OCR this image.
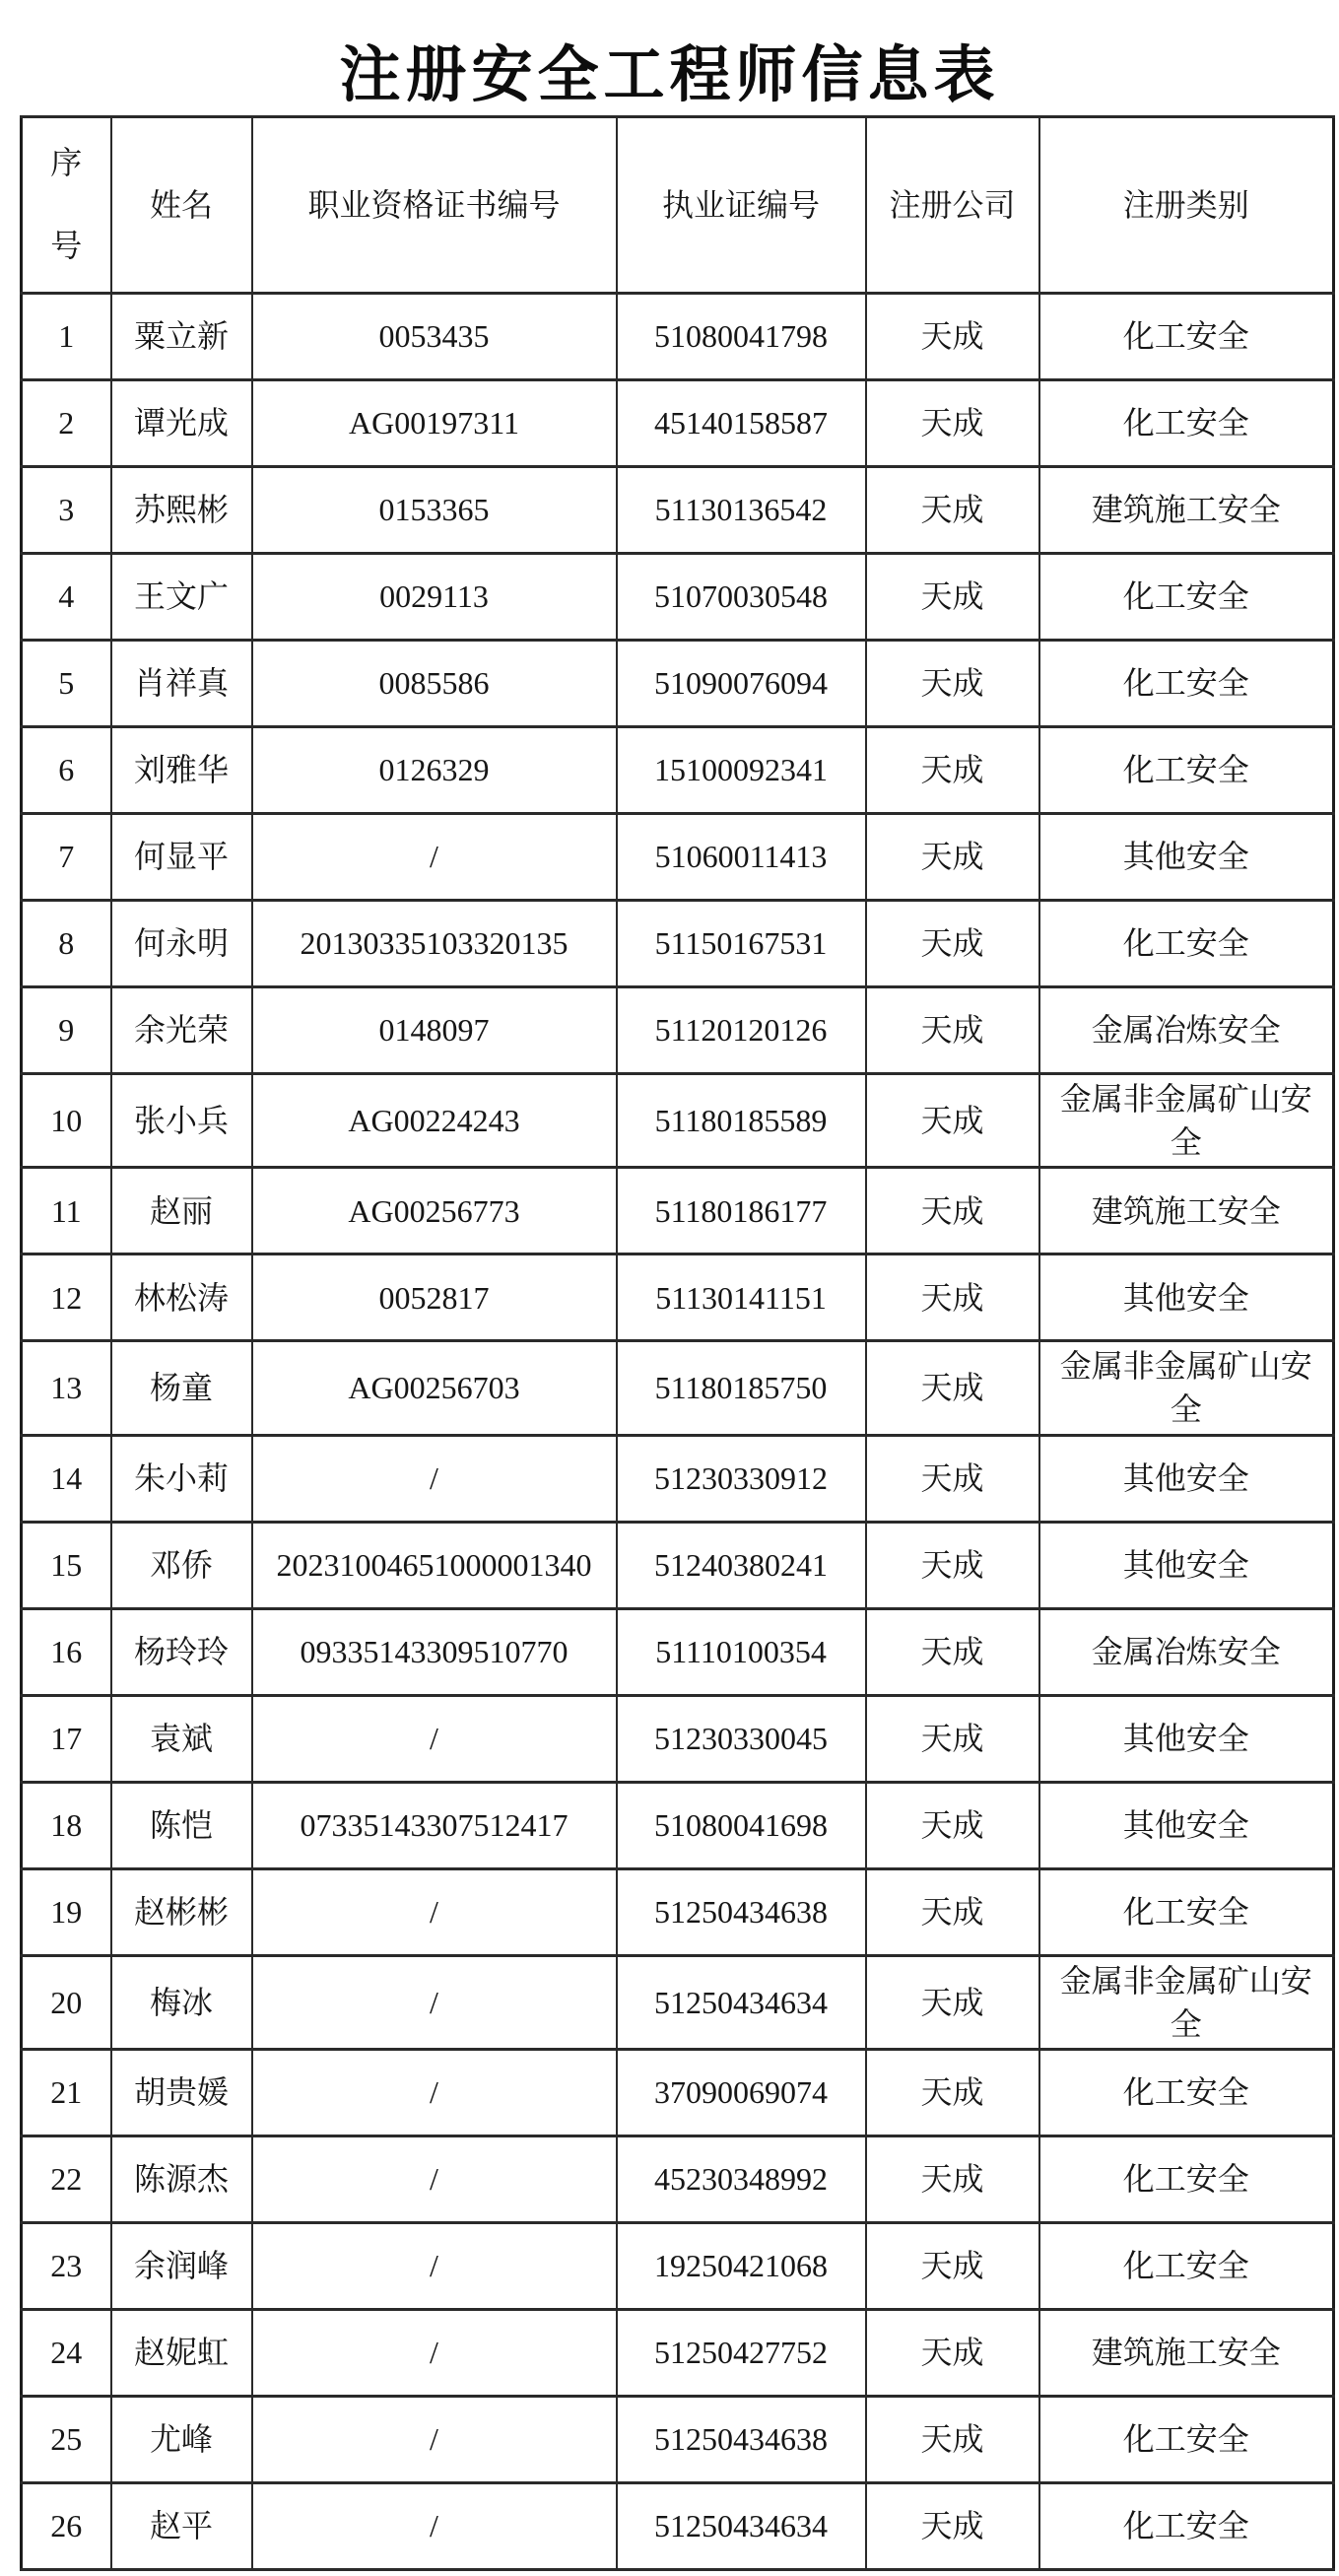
注册安全工程师信息表
序号	姓名	职业资格证书编号	执业证编号	注册公司	注册类别
1	粟立新	0053435	51080041798	天成	化工安全
2	谭光成	AG00197311	45140158587	天成	化工安全
3	苏熙彬	0153365	51130136542	天成	建筑施工安全
4	王文广	0029113	51070030548	天成	化工安全
5	肖祥真	0085586	51090076094	天成	化工安全
6	刘雅华	0126329	15100092341	天成	化工安全
7	何显平	/	51060011413	天成	其他安全
8	何永明	20130335103320135	51150167531	天成	化工安全
9	余光荣	0148097	51120120126	天成	金属冶炼安全
10	张小兵	AG00224243	51180185589	天成	金属非金属矿山安全
11	赵丽	AG00256773	51180186177	天成	建筑施工安全
12	林松涛	0052817	51130141151	天成	其他安全
13	杨童	AG00256703	51180185750	天成	金属非金属矿山安全
14	朱小莉	/	51230330912	天成	其他安全
15	邓侨	20231004651000001340	51240380241	天成	其他安全
16	杨玲玲	09335143309510770	51110100354	天成	金属冶炼安全
17	袁斌	/	51230330045	天成	其他安全
18	陈恺	07335143307512417	51080041698	天成	其他安全
19	赵彬彬	/	51250434638	天成	化工安全
20	梅冰	/	51250434634	天成	金属非金属矿山安全
21	胡贵媛	/	37090069074	天成	化工安全
22	陈源杰	/	45230348992	天成	化工安全
23	余润峰	/	19250421068	天成	化工安全
24	赵妮虹	/	51250427752	天成	建筑施工安全
25	尤峰	/	51250434638	天成	化工安全
26	赵平	/	51250434634	天成	化工安全
